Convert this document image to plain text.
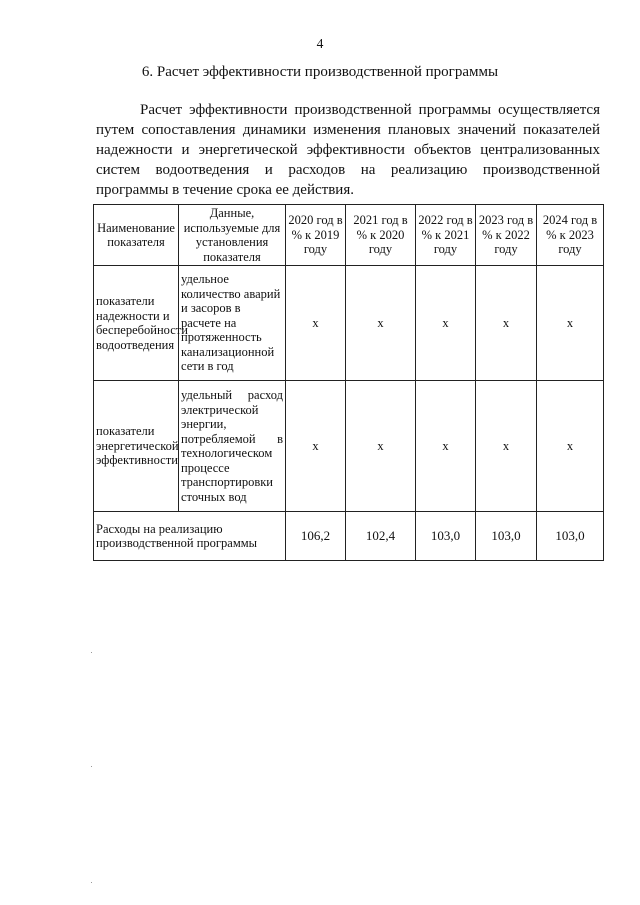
4

6. Расчет эффективности производственной программы

Расчет эффективности производственной программы осуществляется путем сопоставления динамики изменения плановых значений показателей надежности и энергетической эффективности объектов централизованных систем водоотведения и расходов на реализацию производственной программы в течение срока ее действия.

Наименование показателя	Данные, используемые для установления показателя	2020 год в % к 2019 году	2021 год в % к 2020 году	2022 год в % к 2021 году	2023 год в % к 2022 году	2024 год в % к 2023 году
показатели надежности и бесперебойности водоотведения	удельное количество аварий и засоров в расчете на протяженность канализационной сети в год	x	x	x	x	x
показатели энергетической эффективности	удельный расход электрической энергии, потребляемой в технологическом процессе транспортировки сточных вод	x	x	x	x	x
Расходы на реализацию производственной программы		106,2	102,4	103,0	103,0	103,0
